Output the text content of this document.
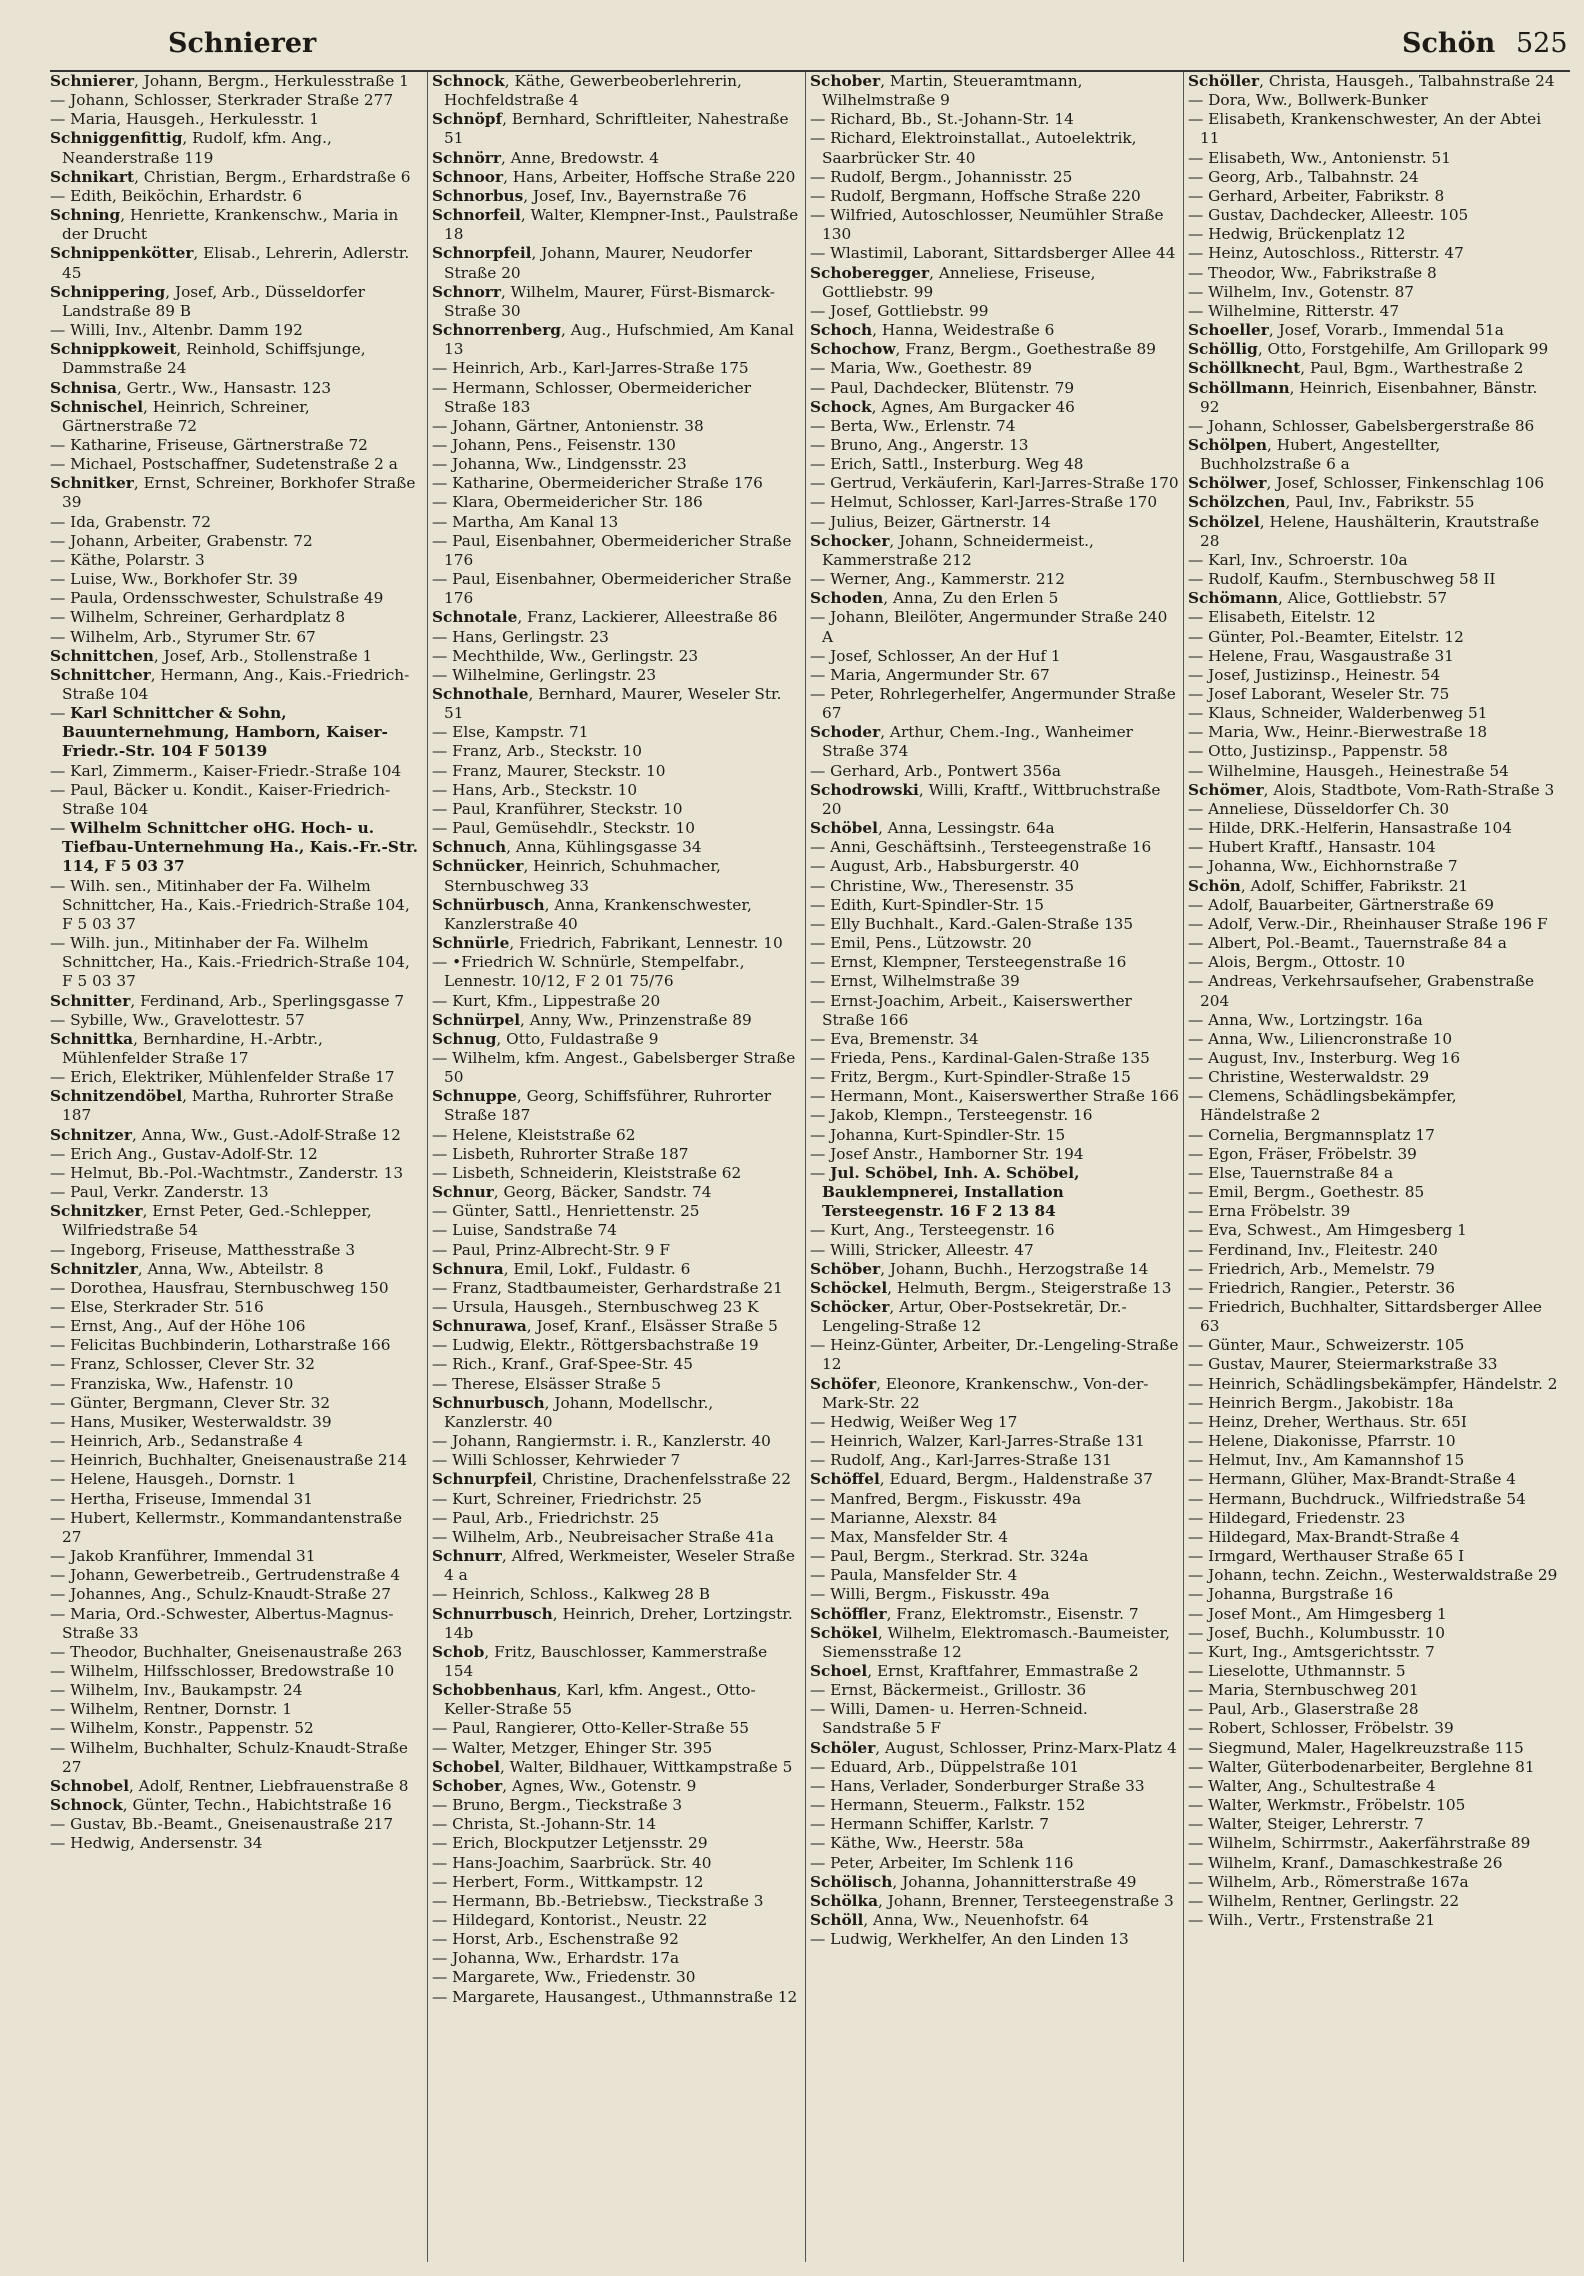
Schnierer	Schön 525

Schnierer, Johann, Bergm., Herkulesstraße 1

— Johann, Schlosser, Sterkrader Straße 277

— Maria, Hausgeh., Herkulesstr. 1

Schniggenfittig, Rudolf, kfm. Ang., Neanderstraße 119

Schnikart, Christian, Bergm., Erhardstraße 6

— Edith, Beiköchin, Erhardstr. 6

Schning, Henriette, Krankenschw., Maria in der Drucht

Schnippenkötter, Elisab., Lehrerin, Adlerstr. 45

Schnippering, Josef, Arb., Düsseldorfer Landstraße 89 B

— Willi, Inv., Altenbr. Damm 192

Schnippkoweit, Reinhold, Schiffsjunge, Dammstraße 24

Schnisa, Gertr., Ww., Hansastr. 123

Schnischel, Heinrich, Schreiner, Gärtnerstraße 72

— Katharine, Friseuse, Gärtnerstraße 72

— Michael, Postschaffner, Sudetenstraße 2 a

Schnitker, Ernst, Schreiner, Borkhofer Straße 39

— Ida, Grabenstr. 72

— Johann, Arbeiter, Grabenstr. 72

— Käthe, Polarstr. 3

— Luise, Ww., Borkhofer Str. 39

— Paula, Ordensschwester, Schulstraße 49

— Wilhelm, Schreiner, Gerhardplatz 8

— Wilhelm, Arb., Styrumer Str. 67

Schnittchen, Josef, Arb., Stollenstraße 1

Schnittcher, Hermann, Ang., Kais.-Friedrich-Straße 104

— Karl Schnittcher & Sohn, Bauunternehmung, Hamborn, Kaiser-Friedr.-Str. 104 F 50139

— Karl, Zimmerm., Kaiser-Friedr.-Straße 104

— Paul, Bäcker u. Kondit., Kaiser-Friedrich-Straße 104

— Wilhelm Schnittcher oHG. Hoch- u. Tiefbau-Unternehmung Ha., Kais.-Fr.-Str. 114, F 5 03 37

— Wilh. sen., Mitinhaber der Fa. Wilhelm Schnittcher, Ha., Kais.-Friedrich-Straße 104, F 5 03 37

— Wilh. jun., Mitinhaber der Fa. Wilhelm Schnittcher, Ha., Kais.-Friedrich-Straße 104, F 5 03 37

Schnitter, Ferdinand, Arb., Sperlingsgasse 7

— Sybille, Ww., Gravelottestr. 57

Schnittka, Bernhardine, H.-Arbtr., Mühlenfelder Straße 17

— Erich, Elektriker, Mühlenfelder Straße 17

Schnitzendöbel, Martha, Ruhrorter Straße 187

Schnitzer, Anna, Ww., Gust.-Adolf-Straße 12

— Erich Ang., Gustav-Adolf-Str. 12

— Helmut, Bb.-Pol.-Wachtmstr., Zanderstr. 13

— Paul, Verkr. Zanderstr. 13

Schnitzker, Ernst Peter, Ged.-Schlepper, Wilfriedstraße 54

— Ingeborg, Friseuse, Matthesstraße 3

Schnitzler, Anna, Ww., Abteilstr. 8

— Dorothea, Hausfrau, Sternbuschweg 150

— Else, Sterkrader Str. 516

— Ernst, Ang., Auf der Höhe 106

— Felicitas Buchbinderin, Lotharstraße 166

— Franz, Schlosser, Clever Str. 32

— Franziska, Ww., Hafenstr. 10

— Günter, Bergmann, Clever Str. 32

— Hans, Musiker, Westerwaldstr. 39

— Heinrich, Arb., Sedanstraße 4

— Heinrich, Buchhalter, Gneisenaustraße 214

— Helene, Hausgeh., Dornstr. 1

— Hertha, Friseuse, Immendal 31

— Hubert, Kellermstr., Kommandantenstraße 27

— Jakob Kranführer, Immendal 31

— Johann, Gewerbetreib., Gertrudenstraße 4

— Johannes, Ang., Schulz-Knaudt-Straße 27

— Maria, Ord.-Schwester, Albertus-Magnus-Straße 33

— Theodor, Buchhalter, Gneisenaustraße 263

— Wilhelm, Hilfsschlosser, Bredowstraße 10

— Wilhelm, Inv., Baukampstr. 24

— Wilhelm, Rentner, Dornstr. 1

— Wilhelm, Konstr., Pappenstr. 52

— Wilhelm, Buchhalter, Schulz-Knaudt-Straße 27

Schnobel, Adolf, Rentner, Liebfrauenstraße 8

Schnock, Günter, Techn., Habichtstraße 16

— Gustav, Bb.-Beamt., Gneisenaustraße 217

— Hedwig, Andersenstr. 34

Schnock, Käthe, Gewerbeoberlehrerin, Hochfeldstraße 4

Schnöpf, Bernhard, Schriftleiter, Nahestraße 51

Schnörr, Anne, Bredowstr. 4

Schnoor, Hans, Arbeiter, Hoffsche Straße 220

Schnorbus, Josef, Inv., Bayernstraße 76

Schnorfeil, Walter, Klempner-Inst., Paulstraße 18

Schnorpfeil, Johann, Maurer, Neudorfer Straße 20

Schnorr, Wilhelm, Maurer, Fürst-Bismarck-Straße 30

Schnorrenberg, Aug., Hufschmied, Am Kanal 13

— Heinrich, Arb., Karl-Jarres-Straße 175

— Hermann, Schlosser, Obermeidericher Straße 183

— Johann, Gärtner, Antonienstr. 38

— Johann, Pens., Feisenstr. 130

— Johanna, Ww., Lindgensstr. 23

— Katharine, Obermeidericher Straße 176

— Klara, Obermeidericher Str. 186

— Martha, Am Kanal 13

— Paul, Eisenbahner, Obermeidericher Straße 176

— Paul, Eisenbahner, Obermeidericher Straße 176

Schnotale, Franz, Lackierer, Alleestraße 86

— Hans, Gerlingstr. 23

— Mechthilde, Ww., Gerlingstr. 23

— Wilhelmine, Gerlingstr. 23

Schnothale, Bernhard, Maurer, Weseler Str. 51

— Else, Kampstr. 71

— Franz, Arb., Steckstr. 10

— Franz, Maurer, Steckstr. 10

— Hans, Arb., Steckstr. 10

— Paul, Kranführer, Steckstr. 10

— Paul, Gemüsehdlr., Steckstr. 10

Schnuch, Anna, Kühlingsgasse 34

Schnücker, Heinrich, Schuhmacher, Sternbuschweg 33

Schnürbusch, Anna, Krankenschwester, Kanzlerstraße 40

Schnürle, Friedrich, Fabrikant, Lennestr. 10

— •Friedrich W. Schnürle, Stempelfabr., Lennestr. 10/12, F 2 01 75/76

— Kurt, Kfm., Lippestraße 20

Schnürpel, Anny, Ww., Prinzenstraße 89

Schnug, Otto, Fuldastraße 9

— Wilhelm, kfm. Angest., Gabelsberger Straße 50

Schnuppe, Georg, Schiffsführer, Ruhrorter Straße 187

— Helene, Kleiststraße 62

— Lisbeth, Ruhrorter Straße 187

— Lisbeth, Schneiderin, Kleiststraße 62

Schnur, Georg, Bäcker, Sandstr. 74

— Günter, Sattl., Henriettenstr. 25

— Luise, Sandstraße 74

— Paul, Prinz-Albrecht-Str. 9 F

Schnura, Emil, Lokf., Fuldastr. 6

— Franz, Stadtbaumeister, Gerhardstraße 21

— Ursula, Hausgeh., Sternbuschweg 23 K

Schnurawa, Josef, Kranf., Elsässer Straße 5

— Ludwig, Elektr., Röttgersbachstraße 19

— Rich., Kranf., Graf-Spee-Str. 45

— Therese, Elsässer Straße 5

Schnurbusch, Johann, Modellschr., Kanzlerstr. 40

— Johann, Rangiermstr. i. R., Kanzlerstr. 40

— Willi Schlosser, Kehrwieder 7

Schnurpfeil, Christine, Drachenfelsstraße 22

— Kurt, Schreiner, Friedrichstr. 25

— Paul, Arb., Friedrichstr. 25

— Wilhelm, Arb., Neubreisacher Straße 41a

Schnurr, Alfred, Werkmeister, Weseler Straße 4 a

— Heinrich, Schloss., Kalkweg 28 B

Schnurrbusch, Heinrich, Dreher, Lortzingstr. 14b

Schob, Fritz, Bauschlosser, Kammerstraße 154

Schobbenhaus, Karl, kfm. Angest., Otto-Keller-Straße 55

— Paul, Rangierer, Otto-Keller-Straße 55

— Walter, Metzger, Ehinger Str. 395

Schobel, Walter, Bildhauer, Wittkampstraße 5

Schober, Agnes, Ww., Gotenstr. 9

— Bruno, Bergm., Tieckstraße 3

— Christa, St.-Johann-Str. 14

— Erich, Blockputzer Letjensstr. 29

— Hans-Joachim, Saarbrück. Str. 40

— Herbert, Form., Wittkampstr. 12

— Hermann, Bb.-Betriebsw., Tieckstraße 3

— Hildegard, Kontorist., Neustr. 22

— Horst, Arb., Eschenstraße 92

— Johanna, Ww., Erhardstr. 17a

— Margarete, Ww., Friedenstr. 30

— Margarete, Hausangest., Uthmannstraße 12

Schober, Martin, Steueramtmann, Wilhelmstraße 9

— Richard, Bb., St.-Johann-Str. 14

— Richard, Elektroinstallat., Autoelektrik, Saarbrücker Str. 40

— Rudolf, Bergm., Johannisstr. 25

— Rudolf, Bergmann, Hoffsche Straße 220

— Wilfried, Autoschlosser, Neumühler Straße 130

— Wlastimil, Laborant, Sittardsberger Allee 44

Schoberegger, Anneliese, Friseuse, Gottliebstr. 99

— Josef, Gottliebstr. 99

Schoch, Hanna, Weidestraße 6

Schochow, Franz, Bergm., Goethestraße 89

— Maria, Ww., Goethestr. 89

— Paul, Dachdecker, Blütenstr. 79

Schock, Agnes, Am Burgacker 46

— Berta, Ww., Erlenstr. 74

— Bruno, Ang., Angerstr. 13

— Erich, Sattl., Insterburg. Weg 48

— Gertrud, Verkäuferin, Karl-Jarres-Straße 170

— Helmut, Schlosser, Karl-Jarres-Straße 170

— Julius, Beizer, Gärtnerstr. 14

Schocker, Johann, Schneidermeist., Kammerstraße 212

— Werner, Ang., Kammerstr. 212

Schoden, Anna, Zu den Erlen 5

— Johann, Bleilöter, Angermunder Straße 240 A

— Josef, Schlosser, An der Huf 1

— Maria, Angermunder Str. 67

— Peter, Rohrlegerhelfer, Angermunder Straße 67

Schoder, Arthur, Chem.-Ing., Wanheimer Straße 374

— Gerhard, Arb., Pontwert 356a

Schodrowski, Willi, Kraftf., Wittbruchstraße 20

Schöbel, Anna, Lessingstr. 64a

— Anni, Geschäftsinh., Tersteegenstraße 16

— August, Arb., Habsburgerstr. 40

— Christine, Ww., Theresenstr. 35

— Edith, Kurt-Spindler-Str. 15

— Elly Buchhalt., Kard.-Galen-Straße 135

— Emil, Pens., Lützowstr. 20

— Ernst, Klempner, Tersteegenstraße 16

— Ernst, Wilhelmstraße 39

— Ernst-Joachim, Arbeit., Kaiserswerther Straße 166

— Eva, Bremenstr. 34

— Frieda, Pens., Kardinal-Galen-Straße 135

— Fritz, Bergm., Kurt-Spindler-Straße 15

— Hermann, Mont., Kaiserswerther Straße 166

— Jakob, Klempn., Tersteegenstr. 16

— Johanna, Kurt-Spindler-Str. 15

— Josef Anstr., Hamborner Str. 194

— Jul. Schöbel, Inh. A. Schöbel, Bauklempnerei, Installation Tersteegenstr. 16 F 2 13 84

— Kurt, Ang., Tersteegenstr. 16

— Willi, Stricker, Alleestr. 47

Schöber, Johann, Buchh., Herzogstraße 14

Schöckel, Helmuth, Bergm., Steigerstraße 13

Schöcker, Artur, Ober-Postsekretär, Dr.-Lengeling-Straße 12

— Heinz-Günter, Arbeiter, Dr.-Lengeling-Straße 12

Schöfer, Eleonore, Krankenschw., Von-der-Mark-Str. 22

— Hedwig, Weißer Weg 17

— Heinrich, Walzer, Karl-Jarres-Straße 131

— Rudolf, Ang., Karl-Jarres-Straße 131

Schöffel, Eduard, Bergm., Haldenstraße 37

— Manfred, Bergm., Fiskusstr. 49a

— Marianne, Alexstr. 84

— Max, Mansfelder Str. 4

— Paul, Bergm., Sterkrad. Str. 324a

— Paula, Mansfelder Str. 4

— Willi, Bergm., Fiskusstr. 49a

Schöffler, Franz, Elektromstr., Eisenstr. 7

Schökel, Wilhelm, Elektromasch.-Baumeister, Siemensstraße 12

Schoel, Ernst, Kraftfahrer, Emmastraße 2

— Ernst, Bäckermeist., Grillostr. 36

— Willi, Damen- u. Herren-Schneid. Sandstraße 5 F

Schöler, August, Schlosser, Prinz-Marx-Platz 4

— Eduard, Arb., Düppelstraße 101

— Hans, Verlader, Sonderburger Straße 33

— Hermann, Steuerm., Falkstr. 152

— Hermann Schiffer, Karlstr. 7

— Käthe, Ww., Heerstr. 58a

— Peter, Arbeiter, Im Schlenk 116

Schölisch, Johanna, Johannitterstraße 49

Schölka, Johann, Brenner, Tersteegenstraße 3

Schöll, Anna, Ww., Neuenhofstr. 64

— Ludwig, Werkhelfer, An den Linden 13

Schöller, Christa, Hausgeh., Talbahnstraße 24

— Dora, Ww., Bollwerk-Bunker

— Elisabeth, Krankenschwester, An der Abtei 11

— Elisabeth, Ww., Antonienstr. 51

— Georg, Arb., Talbahnstr. 24

— Gerhard, Arbeiter, Fabrikstr. 8

— Gustav, Dachdecker, Alleestr. 105

— Hedwig, Brückenplatz 12

— Heinz, Autoschloss., Ritterstr. 47

— Theodor, Ww., Fabrikstraße 8

— Wilhelm, Inv., Gotenstr. 87

— Wilhelmine, Ritterstr. 47

Schoeller, Josef, Vorarb., Immendal 51a

Schöllig, Otto, Forstgehilfe, Am Grillopark 99

Schöllknecht, Paul, Bgm., Warthestraße 2

Schöllmann, Heinrich, Eisenbahner, Bänstr. 92

— Johann, Schlosser, Gabelsbergerstraße 86

Schölpen, Hubert, Angestellter, Buchholzstraße 6 a

Schölwer, Josef, Schlosser, Finkenschlag 106

Schölzchen, Paul, Inv., Fabrikstr. 55

Schölzel, Helene, Haushälterin, Krautstraße 28

— Karl, Inv., Schroerstr. 10a

— Rudolf, Kaufm., Sternbuschweg 58 II

Schömann, Alice, Gottliebstr. 57

— Elisabeth, Eitelstr. 12

— Günter, Pol.-Beamter, Eitelstr. 12

— Helene, Frau, Wasgaustraße 31

— Josef, Justizinsp., Heinestr. 54

— Josef Laborant, Weseler Str. 75

— Klaus, Schneider, Walderbenweg 51

— Maria, Ww., Heinr.-Bierwestraße 18

— Otto, Justizinsp., Pappenstr. 58

— Wilhelmine, Hausgeh., Heinestraße 54

Schömer, Alois, Stadtbote, Vom-Rath-Straße 3

— Anneliese, Düsseldorfer Ch. 30

— Hilde, DRK.-Helferin, Hansastraße 104

— Hubert Kraftf., Hansastr. 104

— Johanna, Ww., Eichhornstraße 7

Schön, Adolf, Schiffer, Fabrikstr. 21

— Adolf, Bauarbeiter, Gärtnerstraße 69

— Adolf, Verw.-Dir., Rheinhauser Straße 196 F

— Albert, Pol.-Beamt., Tauernstraße 84 a

— Alois, Bergm., Ottostr. 10

— Andreas, Verkehrsaufseher, Grabenstraße 204

— Anna, Ww., Lortzingstr. 16a

— Anna, Ww., Liliencronstraße 10

— August, Inv., Insterburg. Weg 16

— Christine, Westerwaldstr. 29

— Clemens, Schädlingsbekämpfer, Händelstraße 2

— Cornelia, Bergmannsplatz 17

— Egon, Fräser, Fröbelstr. 39

— Else, Tauernstraße 84 a

— Emil, Bergm., Goethestr. 85

— Erna Fröbelstr. 39

— Eva, Schwest., Am Himgesberg 1

— Ferdinand, Inv., Fleitestr. 240

— Friedrich, Arb., Memelstr. 79

— Friedrich, Rangier., Peterstr. 36

— Friedrich, Buchhalter, Sittardsberger Allee 63

— Günter, Maur., Schweizerstr. 105

— Gustav, Maurer, Steiermarkstraße 33

— Heinrich, Schädlingsbekämpfer, Händelstr. 2

— Heinrich Bergm., Jakobistr. 18a

— Heinz, Dreher, Werthaus. Str. 65I

— Helene, Diakonisse, Pfarrstr. 10

— Helmut, Inv., Am Kamannshof 15

— Hermann, Glüher, Max-Brandt-Straße 4

— Hermann, Buchdruck., Wilfriedstraße 54

— Hildegard, Friedenstr. 23

— Hildegard, Max-Brandt-Straße 4

— Irmgard, Werthauser Straße 65 I

— Johann, techn. Zeichn., Westerwaldstraße 29

— Johanna, Burgstraße 16

— Josef Mont., Am Himgesberg 1

— Josef, Buchh., Kolumbusstr. 10

— Kurt, Ing., Amtsgerichtsstr. 7

— Lieselotte, Uthmannstr. 5

— Maria, Sternbuschweg 201

— Paul, Arb., Glaserstraße 28

— Robert, Schlosser, Fröbelstr. 39

— Siegmund, Maler, Hagelkreuzstraße 115

— Walter, Güterbodenarbeiter, Berglehne 81

— Walter, Ang., Schultestraße 4

— Walter, Werkmstr., Fröbelstr. 105

— Walter, Steiger, Lehrerstr. 7

— Wilhelm, Schirrmstr., Aakerfährstraße 89

— Wilhelm, Kranf., Damaschkestraße 26

— Wilhelm, Arb., Römerstraße 167a

— Wilhelm, Rentner, Gerlingstr. 22

— Wilh., Vertr., Frstenstraße 21
